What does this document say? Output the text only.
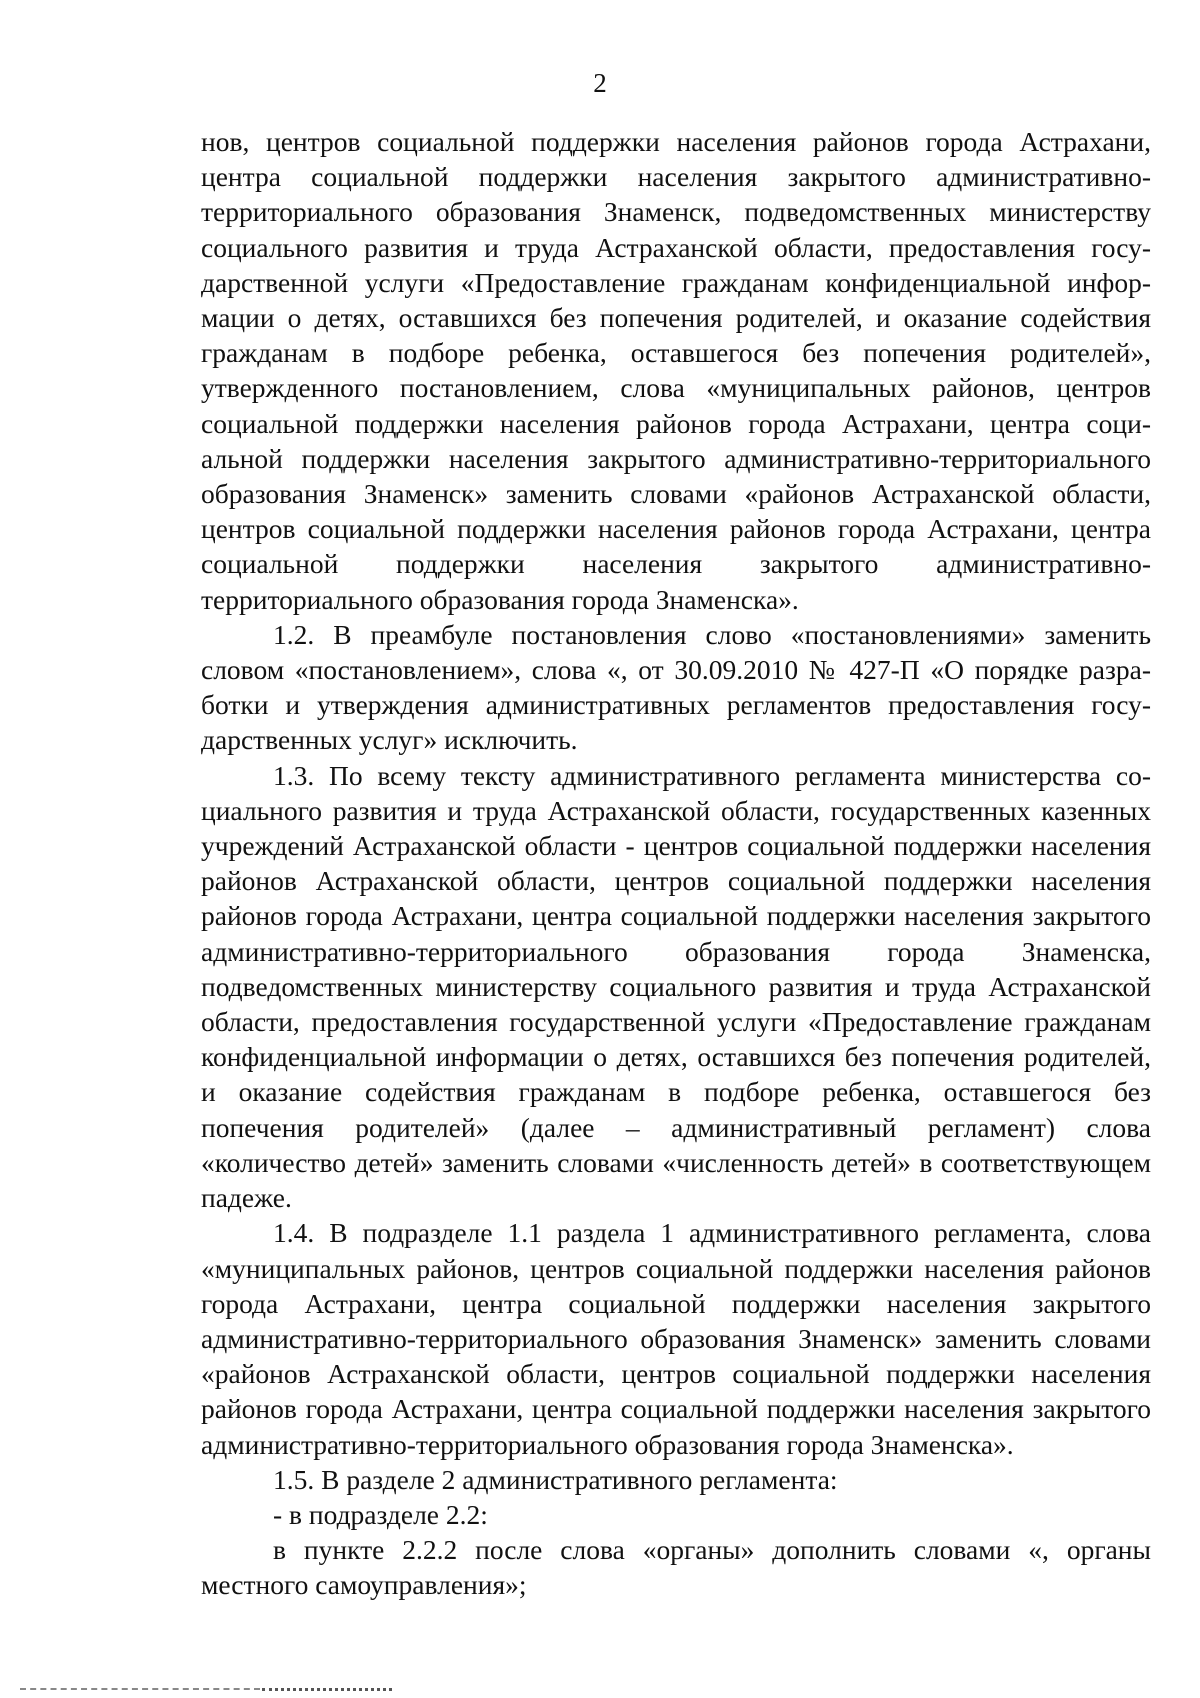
2

нов, центров социальной поддержки населения районов города Астрахани, центра социальной поддержки населения закрытого административно-территориального образования Знаменск, подведомственных министерству социального развития и труда Астраханской области, предоставления государственной услуги «Предоставление гражданам конфиденциальной информации о детях, оставшихся без попечения родителей, и оказание содействия гражданам в подборе ребенка, оставшегося без попечения родителей», утвержденного постановлением, слова «муниципальных районов, центров социальной поддержки населения районов города Астрахани, центра социальной поддержки населения закрытого административно-территориального образования Знаменск» заменить словами «районов Астраханской области, центров социальной поддержки населения районов города Астрахани, центра социальной поддержки населения закрытого административно-территориального образования города Знаменска».

1.2. В преамбуле постановления слово «постановлениями» заменить словом «постановлением», слова «, от 30.09.2010 № 427-П «О порядке разработки и утверждения административных регламентов предоставления государственных услуг» исключить.

1.3. По всему тексту административного регламента министерства социального развития и труда Астраханской области, государственных казенных учреждений Астраханской области - центров социальной поддержки населения районов Астраханской области, центров социальной поддержки населения районов города Астрахани, центра социальной поддержки населения закрытого административно-территориального образования города Знаменска, подведомственных министерству социального развития и труда Астраханской области, предоставления государственной услуги «Предоставление гражданам конфиденциальной информации о детях, оставшихся без попечения родителей, и оказание содействия гражданам в подборе ребенка, оставшегося без попечения родителей» (далее – административный регламент) слова «количество детей» заменить словами «численность детей» в соответствующем падеже.

1.4. В подразделе 1.1 раздела 1 административного регламента, слова «муниципальных районов, центров социальной поддержки населения районов города Астрахани, центра социальной поддержки населения закрытого административно-территориального образования Знаменск» заменить словами «районов Астраханской области, центров социальной поддержки населения районов города Астрахани, центра социальной поддержки населения закрытого административно-территориального образования города Знаменска».

1.5. В разделе 2 административного регламента:

- в подразделе 2.2:

в пункте 2.2.2 после слова «органы» дополнить словами «, органы местного самоуправления»;
